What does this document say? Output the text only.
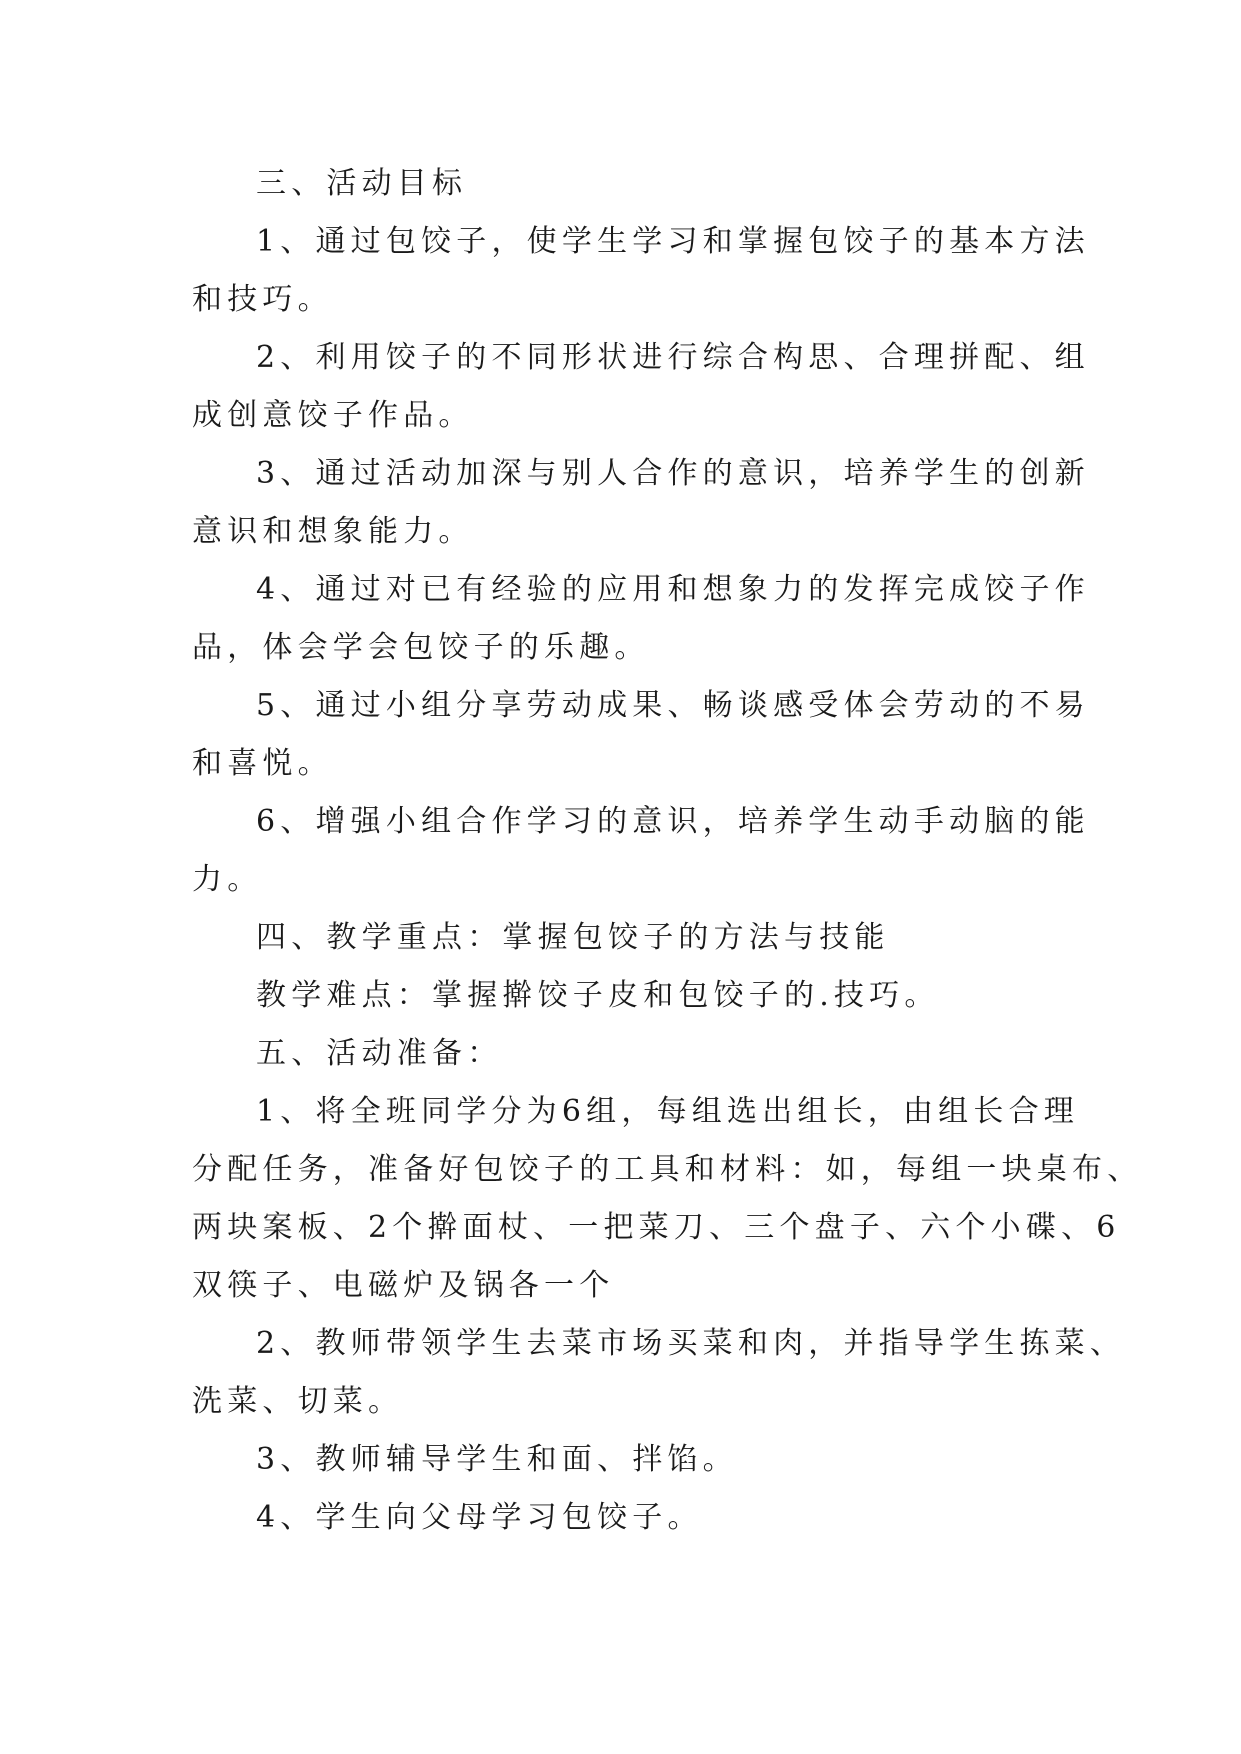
三、活动目标
1、通过包饺子，使学生学习和掌握包饺子的基本方法
和技巧。
2、利用饺子的不同形状进行综合构思、合理拼配、组
成创意饺子作品。
3、通过活动加深与别人合作的意识，培养学生的创新
意识和想象能力。
4、通过对已有经验的应用和想象力的发挥完成饺子作
品，体会学会包饺子的乐趣。
5、通过小组分享劳动成果、畅谈感受体会劳动的不易
和喜悦。
6、增强小组合作学习的意识，培养学生动手动脑的能
力。
四、教学重点：掌握包饺子的方法与技能
教学难点：掌握擀饺子皮和包饺子的.技巧。
五、活动准备：
1、将全班同学分为6组，每组选出组长，由组长合理
分配任务，准备好包饺子的工具和材料：如，每组一块桌布、
两块案板、2个擀面杖、一把菜刀、三个盘子、六个小碟、6
双筷子、电磁炉及锅各一个
2、教师带领学生去菜市场买菜和肉，并指导学生拣菜、
洗菜、切菜。
3、教师辅导学生和面、拌馅。
4、学生向父母学习包饺子。
